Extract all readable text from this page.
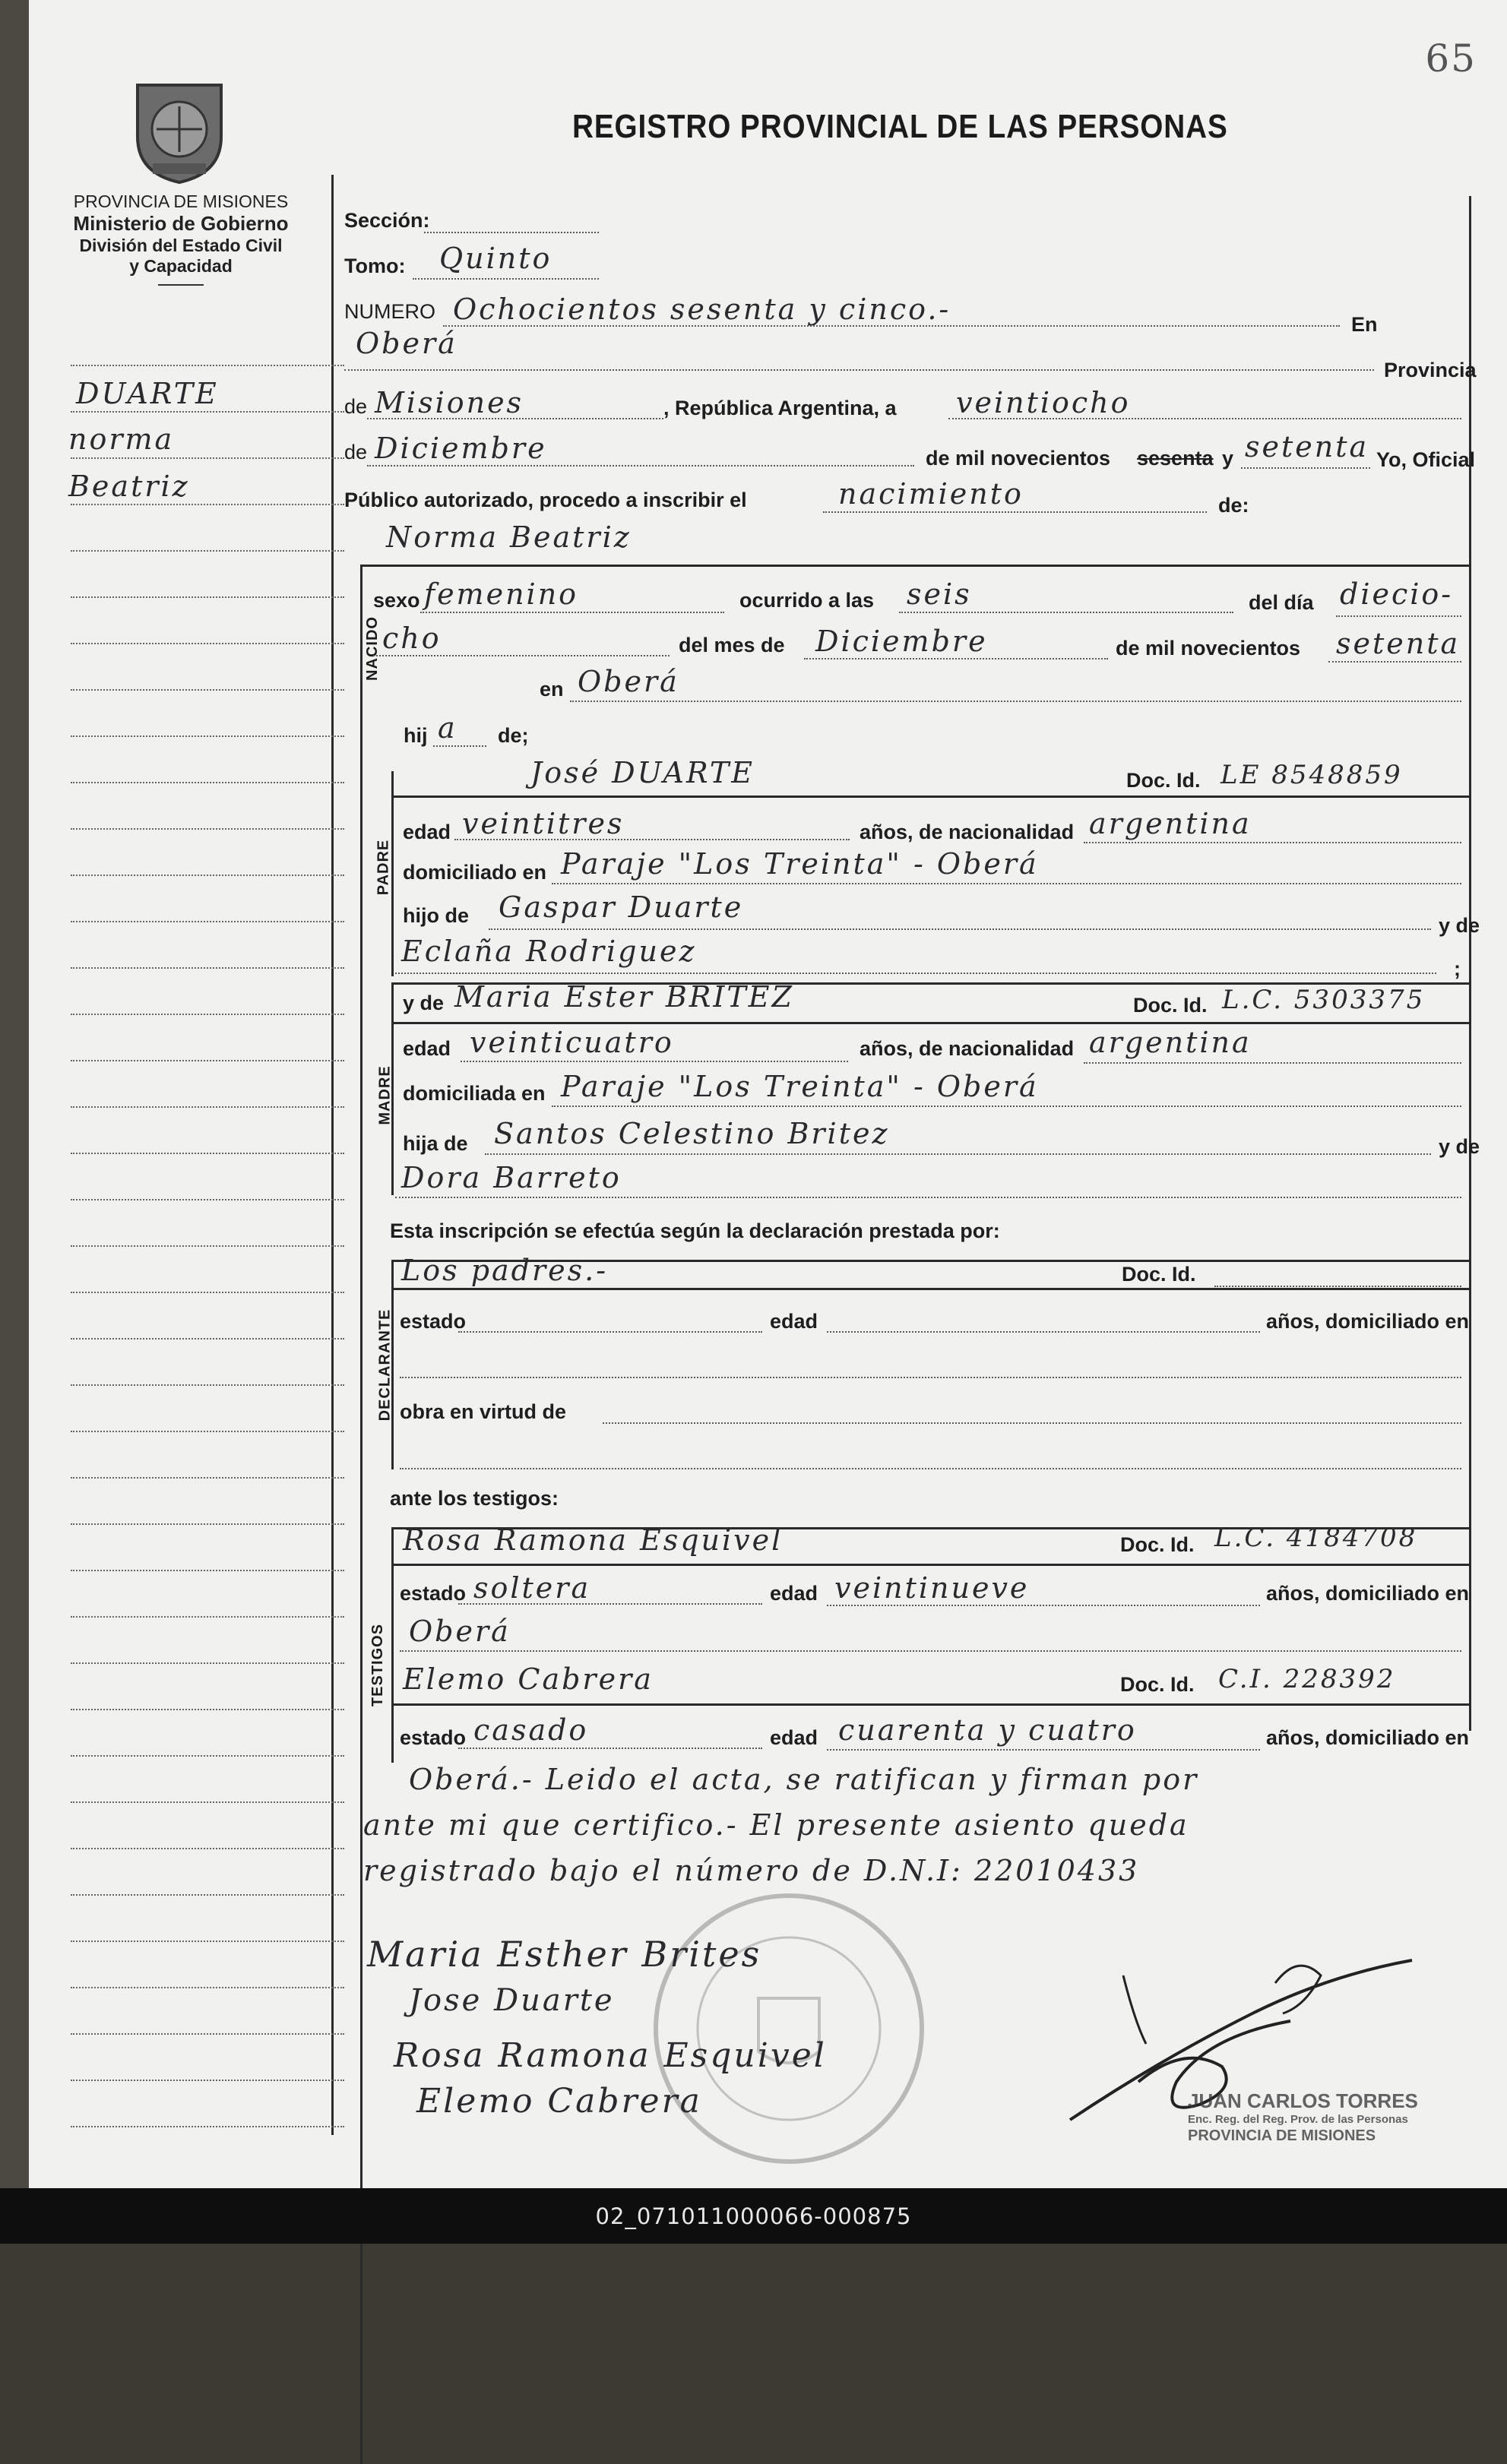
65
PROVINCIA DE MISIONES
Ministerio de Gobierno
División del Estado Civil
y Capacidad
REGISTRO PROVINCIAL DE LAS PERSONAS
DUARTE
norma
Beatriz
Sección:
Tomo: Quinto
NUMERO Ochocientos sesenta y cinco.-	En
Oberá
Provincia
de Misiones	, República Argentina, a veintiocho
de Diciembre	de mil novecientos sesenta y setenta Yo, Oficial
Público autorizado, procedo a inscribir el	nacimiento	de:
Norma Beatriz
NACIDO
sexo femenino	ocurrido a las seis	del día diecio-
cho	del mes de Diciembre	de mil novecientos setenta
en Oberá
hij a de;
José DUARTE	Doc. Id. LE 8548859
PADRE
edad veintitres	años, de nacionalidad argentina
domiciliado en Paraje "Los Treinta" - Oberá
hijo de Gaspar Duarte
y de
Eclaña Rodriguez
;
y de Maria Ester BRITEZ	Doc. Id. L.C. 5303375
MADRE
edad veinticuatro	años, de nacionalidad argentina
domiciliada en Paraje "Los Treinta" - Oberá
hija de Santos Celestino Britez	y de
Dora Barreto
Esta inscripción se efectúa según la declaración prestada por:
Los padres.-	Doc. Id.
DECLARANTE estado	edad	años, domiciliado en
obra en virtud de
ante los testigos:
TESTIGOS
Rosa Ramona Esquivel	Doc. Id. L.C. 4184708
estado soltera	edad veintinueve	años, domiciliado en
Oberá
Elemo Cabrera	Doc. Id. C.I. 228392
estado casado	edad cuarenta y cuatro	años, domiciliado en
Oberá.- Leido el acta, se ratifican y firman por
ante mi que certifico.- El presente asiento queda
registrado bajo el número de D.N.I: 22010433
Maria Esther Brites
Jose Duarte
Rosa Ramona Esquivel
Elemo Cabrera	JUAN CARLOS TORRES
Enc. Reg. del Reg. Prov. de las Personas
PROVINCIA DE MISIONES
02_071011000066-000875
